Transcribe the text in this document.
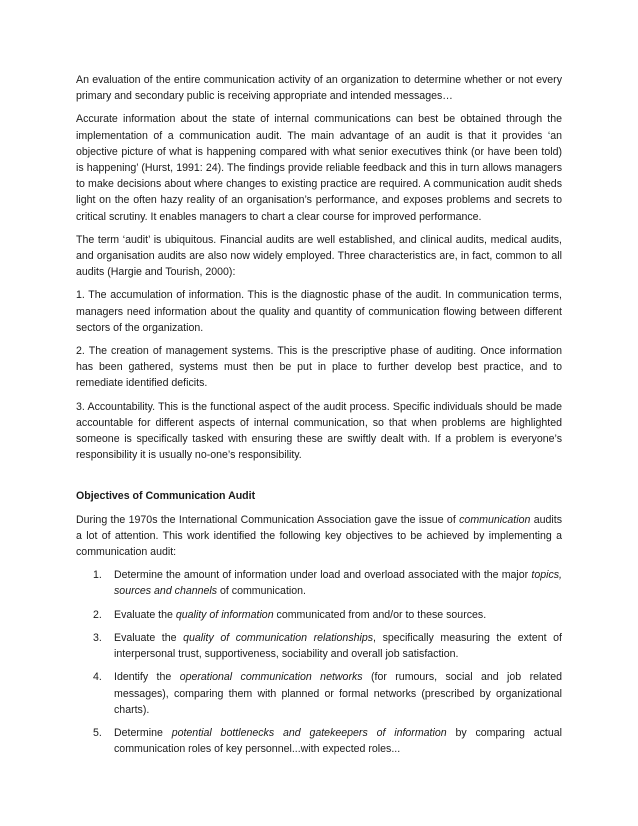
An evaluation of the entire communication activity of an organization to determine whether or not every primary and secondary public is receiving appropriate and intended messages…

Accurate information about the state of internal communications can best be obtained through the implementation of a communication audit. The main advantage of an audit is that it provides ‘an objective picture of what is happening compared with what senior executives think (or have been told) is happening’ (Hurst, 1991: 24). The findings provide reliable feedback and this in turn allows managers to make decisions about where changes to existing practice are required. A communication audit sheds light on the often hazy reality of an organisation’s performance, and exposes problems and secrets to critical scrutiny. It enables managers to chart a clear course for improved performance.

The term ‘audit’ is ubiquitous. Financial audits are well established, and clinical audits, medical audits, and organisation audits are also now widely employed. Three characteristics are, in fact, common to all audits (Hargie and Tourish, 2000):

1. The accumulation of information. This is the diagnostic phase of the audit. In communication terms, managers need information about the quality and quantity of communication flowing between different sectors of the organization.

2. The creation of management systems. This is the prescriptive phase of auditing. Once information has been gathered, systems must then be put in place to further develop best practice, and to remediate identified deficits.

3. Accountability. This is the functional aspect of the audit process. Specific individuals should be made accountable for different aspects of internal communication, so that when problems are highlighted someone is specifically tasked with ensuring these are swiftly dealt with. If a problem is everyone’s responsibility it is usually no-one’s responsibility.

Objectives of Communication Audit

During the 1970s the International Communication Association gave the issue of communication audits a lot of attention. This work identified the following key objectives to be achieved by implementing a communication audit:

1. Determine the amount of information under load and overload associated with the major topics, sources and channels of communication.
2. Evaluate the quality of information communicated from and/or to these sources.
3. Evaluate the quality of communication relationships, specifically measuring the extent of interpersonal trust, supportiveness, sociability and overall job satisfaction.
4. Identify the operational communication networks (for rumours, social and job related messages), comparing them with planned or formal networks (prescribed by organizational charts).
5. Determine potential bottlenecks and gatekeepers of information by comparing actual communication roles of key personnel...with expected roles...
